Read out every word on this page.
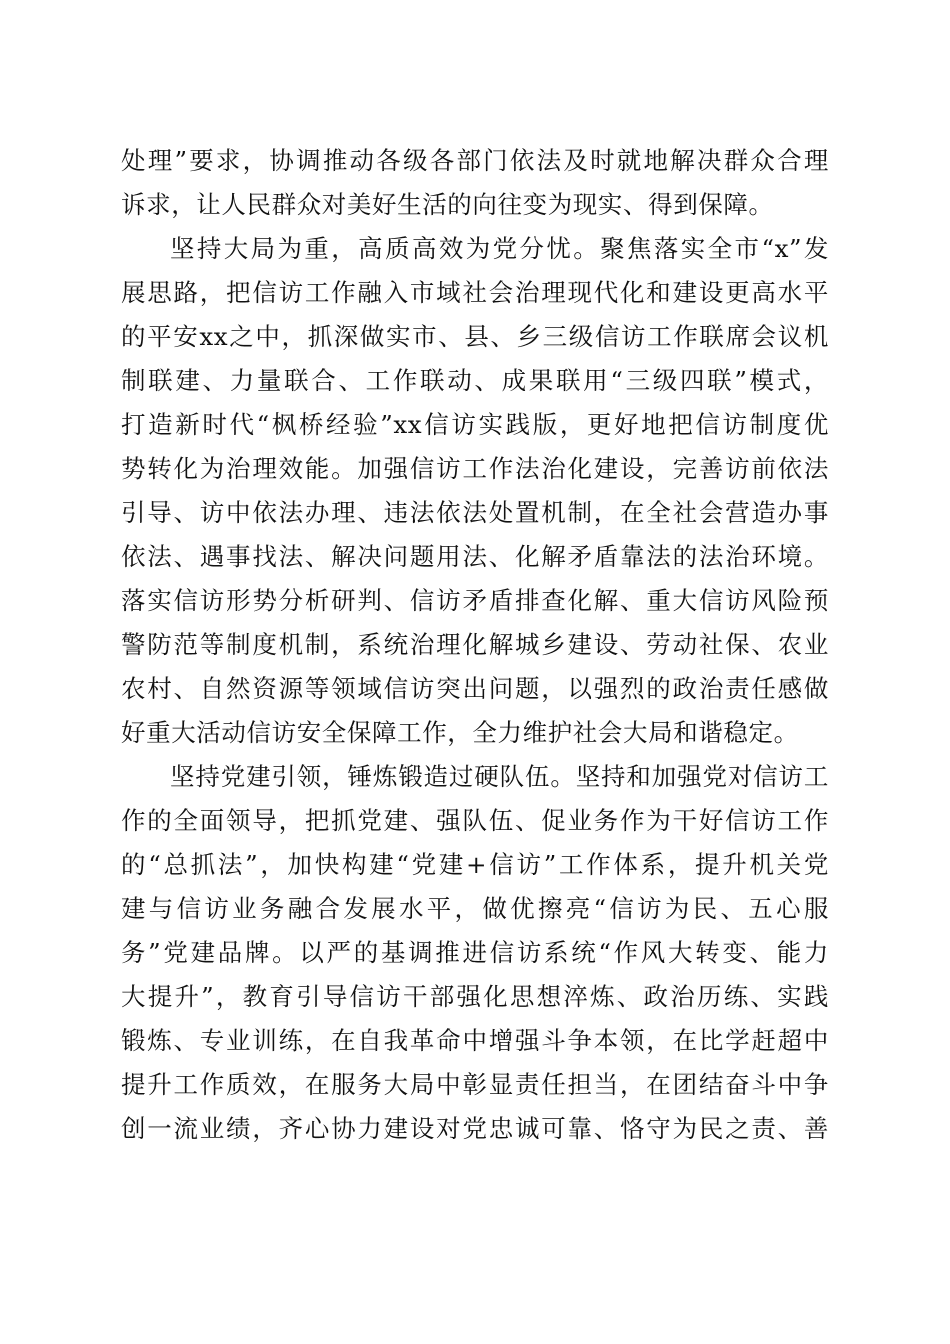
处理”要求，协调推动各级各部门依法及时就地解决群众合理
诉求，让人民群众对美好生活的向往变为现实、得到保障。
坚持大局为重，高质高效为党分忧。聚焦落实全市“x”发
展思路，把信访工作融入市域社会治理现代化和建设更高水平
的平安xx之中，抓深做实市、县、乡三级信访工作联席会议机
制联建、力量联合、工作联动、成果联用“三级四联”模式，
打造新时代“枫桥经验”xx信访实践版，更好地把信访制度优
势转化为治理效能。加强信访工作法治化建设，完善访前依法
引导、访中依法办理、违法依法处置机制，在全社会营造办事
依法、遇事找法、解决问题用法、化解矛盾靠法的法治环境。
落实信访形势分析研判、信访矛盾排查化解、重大信访风险预
警防范等制度机制，系统治理化解城乡建设、劳动社保、农业
农村、自然资源等领域信访突出问题，以强烈的政治责任感做
好重大活动信访安全保障工作，全力维护社会大局和谐稳定。
坚持党建引领，锤炼锻造过硬队伍。坚持和加强党对信访工
作的全面领导，把抓党建、强队伍、促业务作为干好信访工作
的“总抓法”，加快构建“党建+信访”工作体系，提升机关党
建与信访业务融合发展水平，做优擦亮“信访为民、五心服
务”党建品牌。以严的基调推进信访系统“作风大转变、能力
大提升”，教育引导信访干部强化思想淬炼、政治历练、实践
锻炼、专业训练，在自我革命中增强斗争本领，在比学赶超中
提升工作质效，在服务大局中彰显责任担当，在团结奋斗中争
创一流业绩，齐心协力建设对党忠诚可靠、恪守为民之责、善
